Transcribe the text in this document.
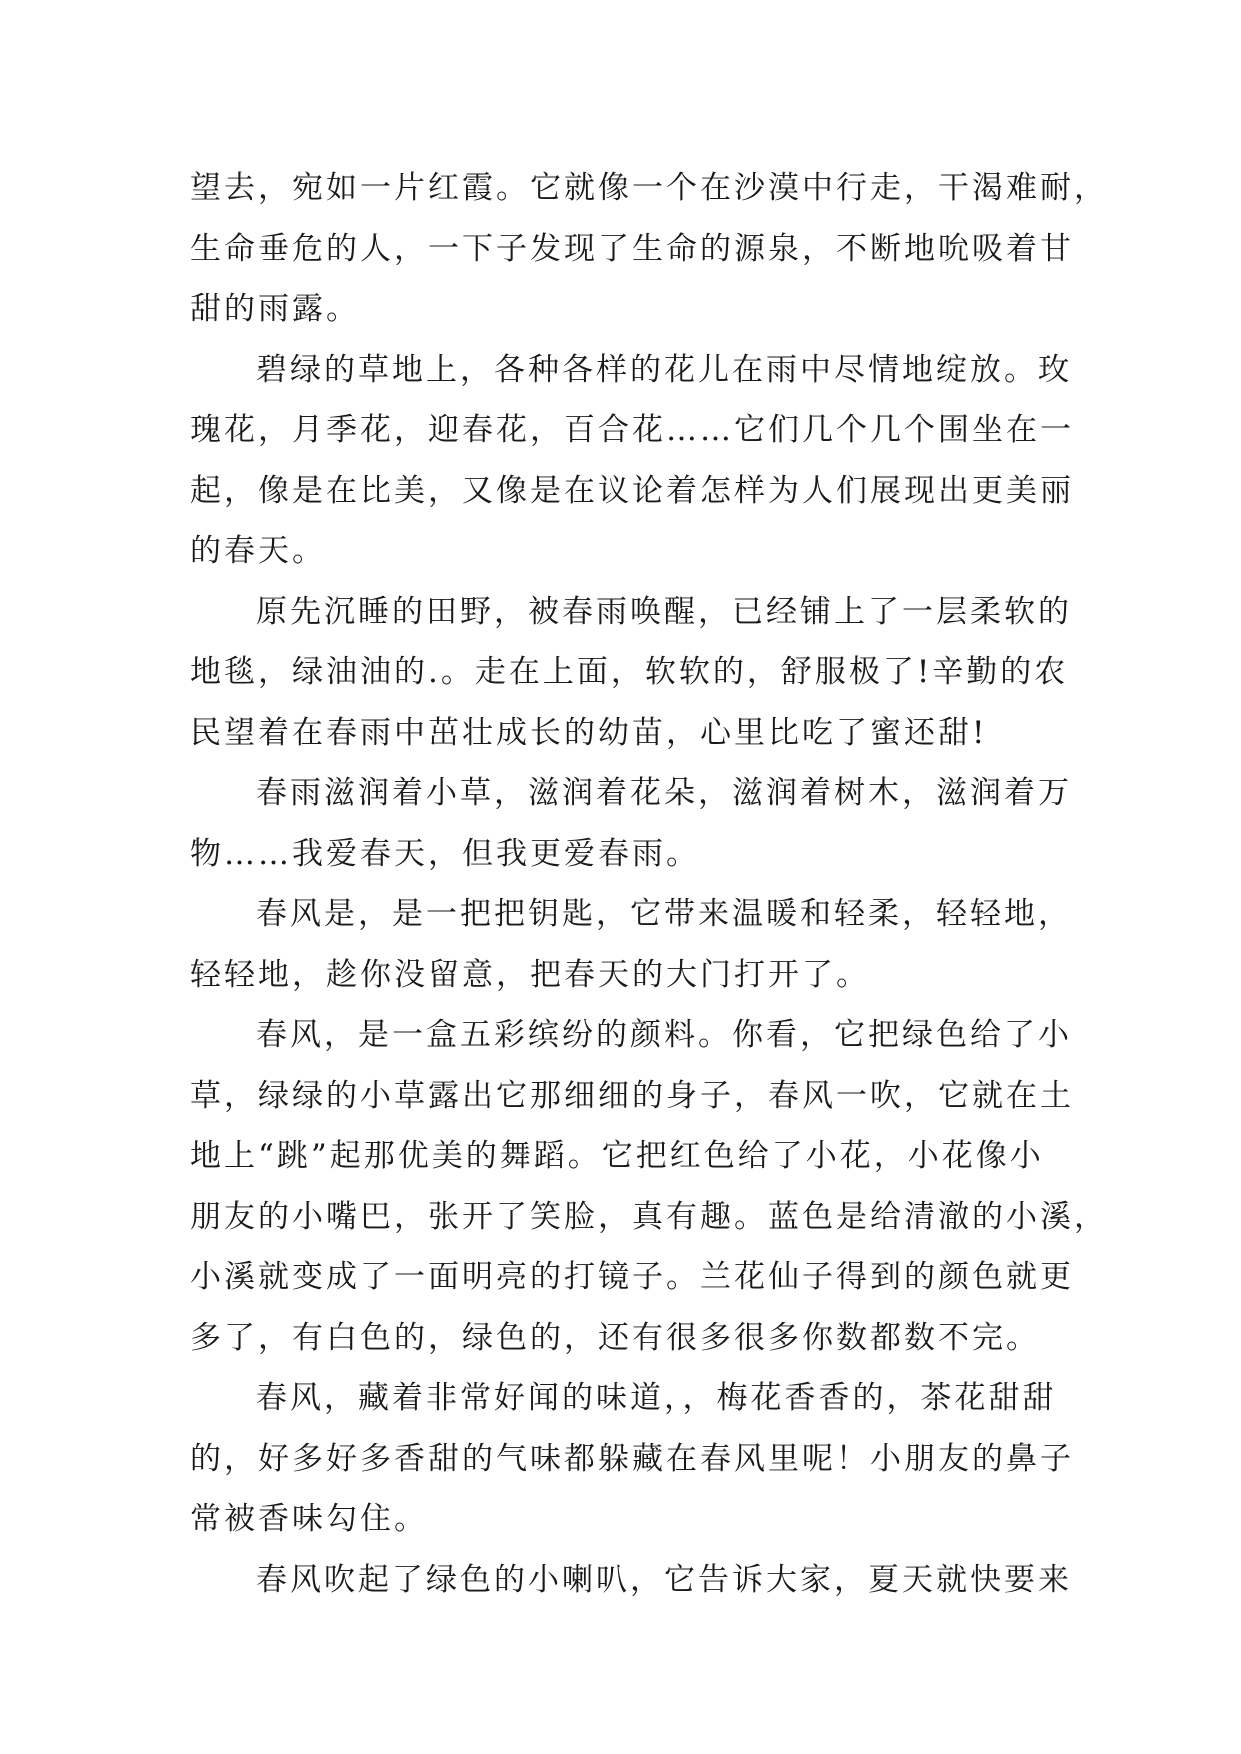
望去，宛如一片红霞。它就像一个在沙漠中行走，干渴难耐，
生命垂危的人，一下子发现了生命的源泉，不断地吮吸着甘
甜的雨露。
碧绿的草地上，各种各样的花儿在雨中尽情地绽放。玫
瑰花，月季花，迎春花，百合花……它们几个几个围坐在一
起，像是在比美，又像是在议论着怎样为人们展现出更美丽
的春天。
原先沉睡的田野，被春雨唤醒，已经铺上了一层柔软的
地毯，绿油油的.。走在上面，软软的，舒服极了!辛勤的农
民望着在春雨中茁壮成长的幼苗，心里比吃了蜜还甜!
春雨滋润着小草，滋润着花朵，滋润着树木，滋润着万
物……我爱春天，但我更爱春雨。
春风是，是一把把钥匙，它带来温暖和轻柔，轻轻地，
轻轻地，趁你没留意，把春天的大门打开了。
春风，是一盒五彩缤纷的颜料。你看，它把绿色给了小
草，绿绿的小草露出它那细细的身子，春风一吹，它就在土
地上“跳”起那优美的舞蹈。它把红色给了小花，小花像小
朋友的小嘴巴，张开了笑脸，真有趣。蓝色是给清澈的小溪，
小溪就变成了一面明亮的打镜子。兰花仙子得到的颜色就更
多了，有白色的，绿色的，还有很多很多你数都数不完。
春风，藏着非常好闻的味道，，梅花香香的，茶花甜甜
的，好多好多香甜的气味都躲藏在春风里呢！小朋友的鼻子
常被香味勾住。
春风吹起了绿色的小喇叭，它告诉大家，夏天就快要来
